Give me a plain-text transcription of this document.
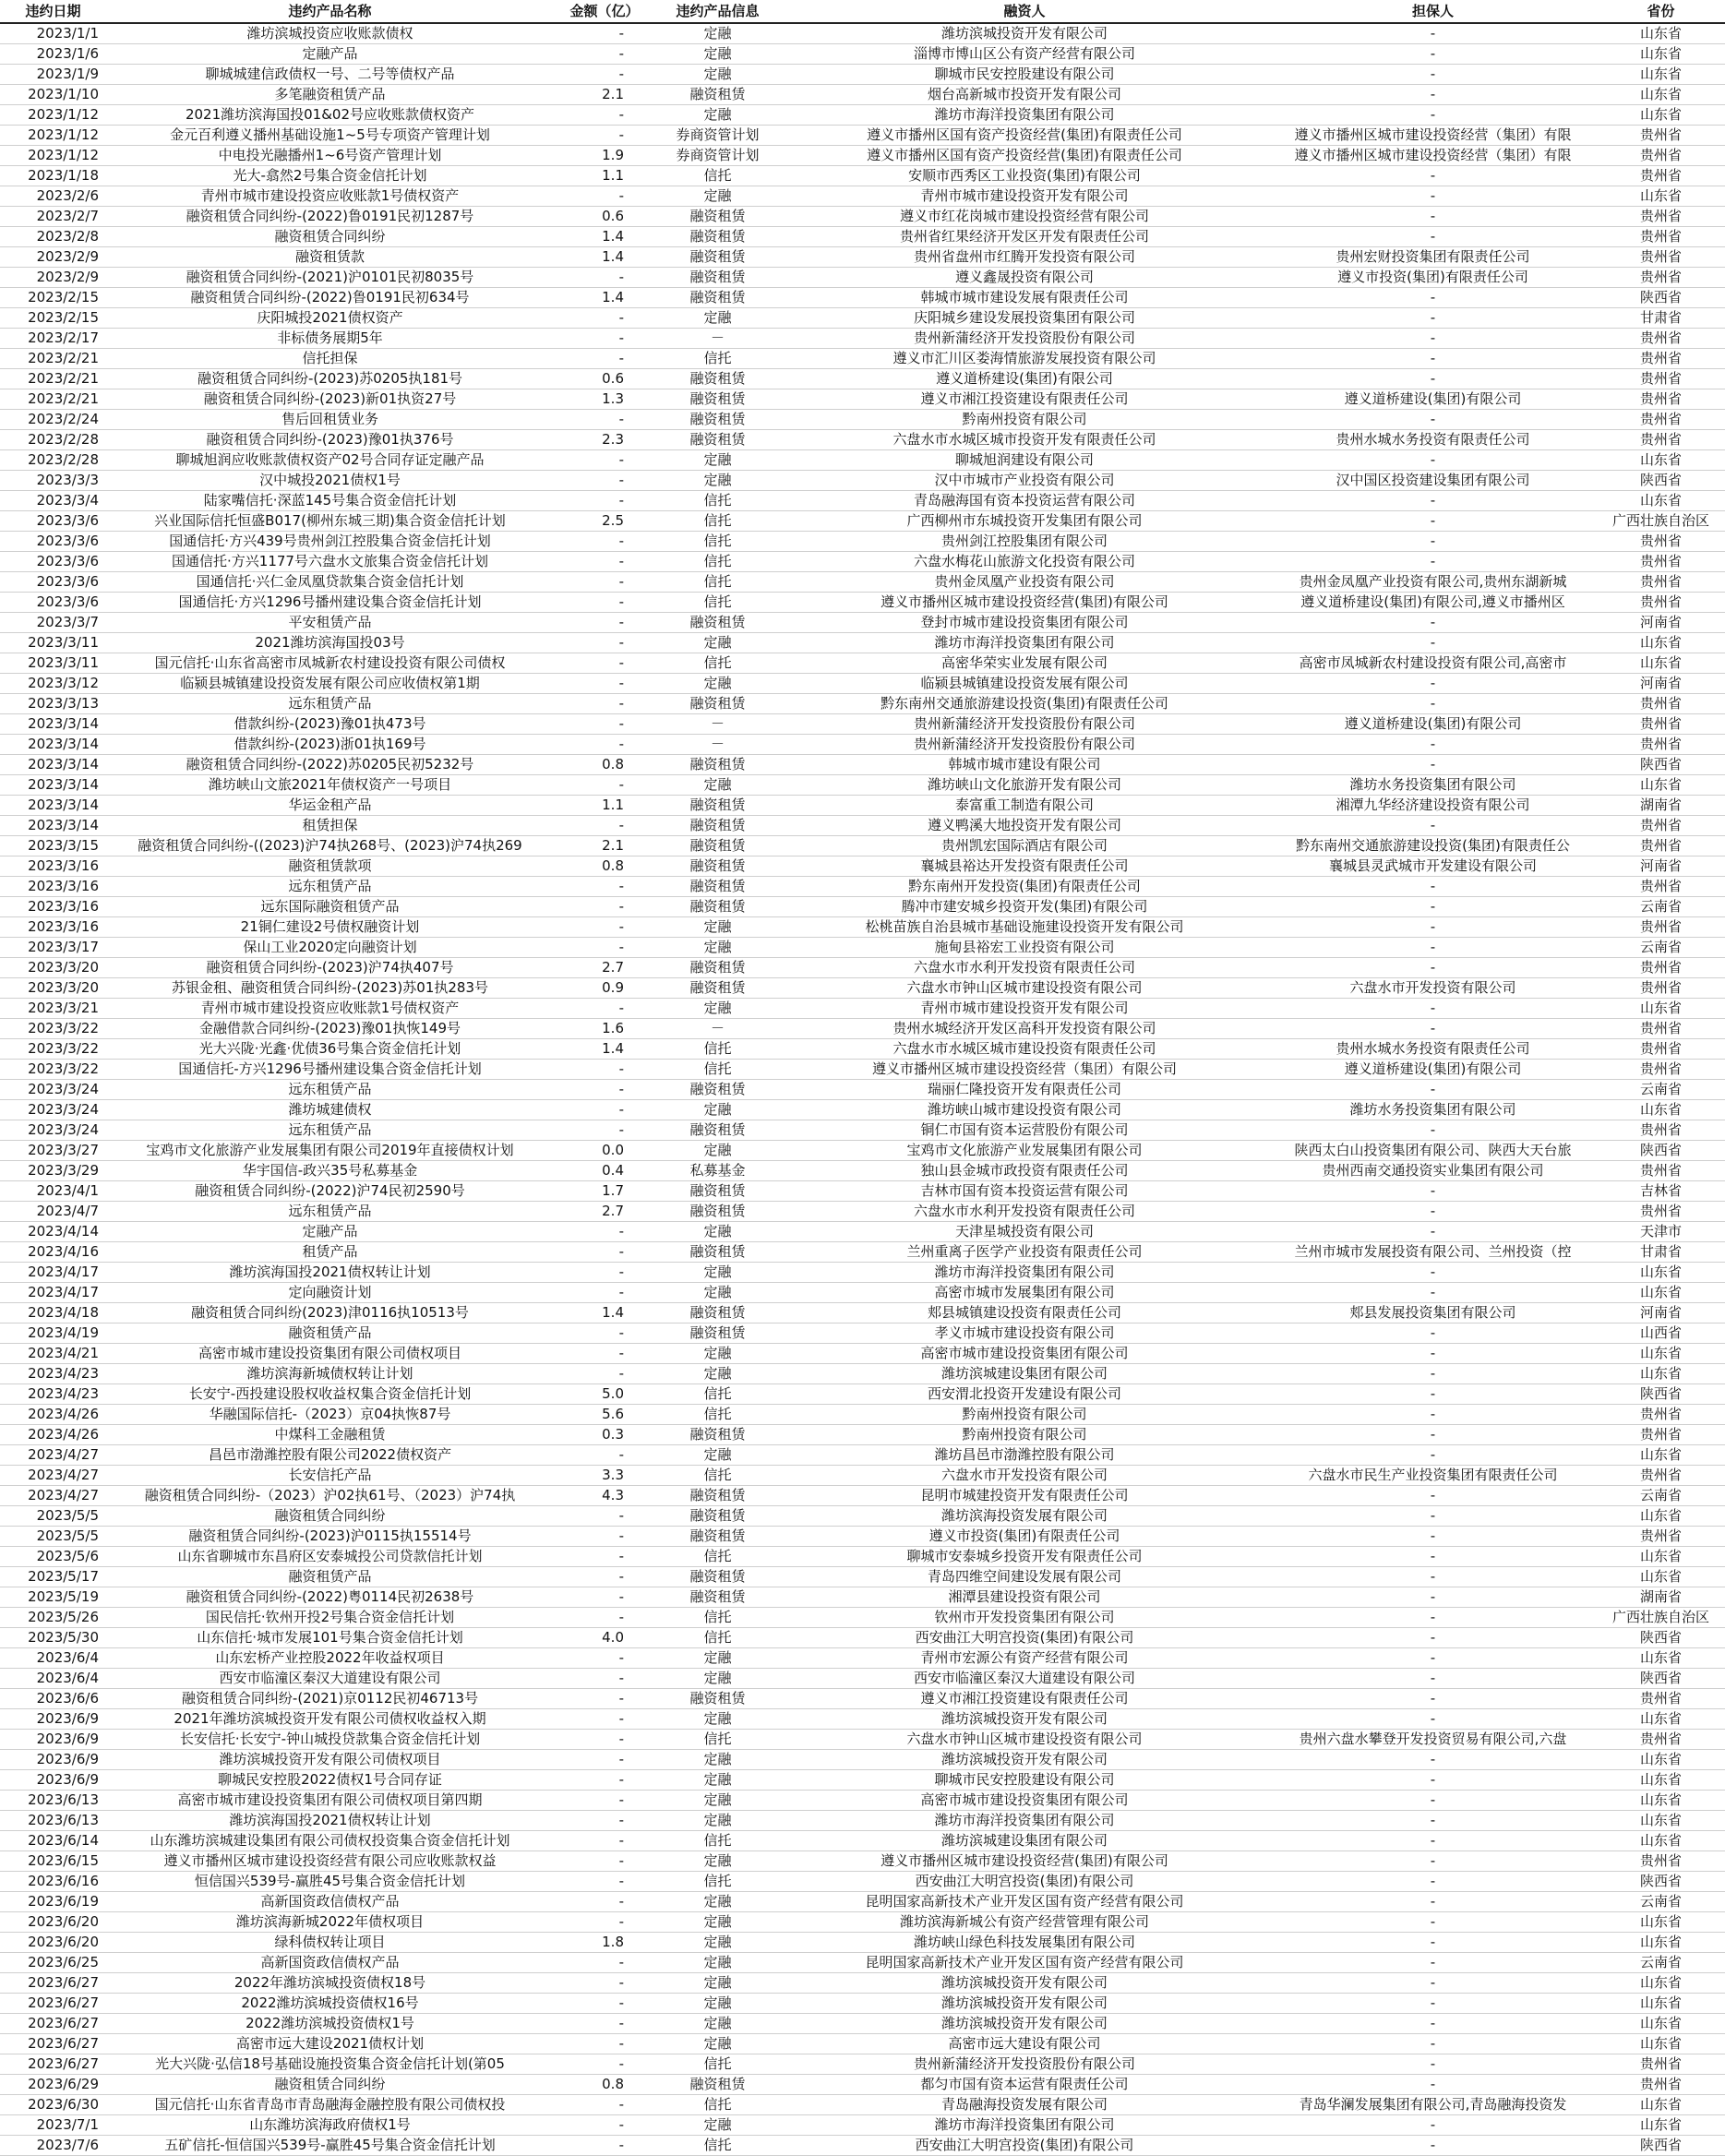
违约日期	违约产品名称	金额（亿）	违约产品信息	融资人	担保人	省份
2023/1/1	潍坊滨城投资应收账款债权	-	定融	潍坊滨城投资开发有限公司	-	山东省
2023/1/6	定融产品	-	定融	淄博市博山区公有资产经营有限公司	-	山东省
2023/1/9	聊城城建信政债权一号、二号等债权产品	-	定融	聊城市民安控股建设有限公司	-	山东省
2023/1/10	多笔融资租赁产品	2.1	融资租赁	烟台高新城市投资开发有限公司	-	山东省
2023/1/12	2021潍坊滨海国投01&02号应收账款债权资产	-	定融	潍坊市海洋投资集团有限公司	-	山东省
2023/1/12	金元百利遵义播州基础设施1~5号专项资产管理计划	-	券商资管计划	遵义市播州区国有资产投资经营(集团)有限责任公司	遵义市播州区城市建设投资经营（集团）有限	贵州省
2023/1/12	中电投光融播州1~6号资产管理计划	1.9	券商资管计划	遵义市播州区国有资产投资经营(集团)有限责任公司	遵义市播州区城市建设投资经营（集团）有限	贵州省
2023/1/18	光大-翕然2号集合资金信托计划	1.1	信托	安顺市西秀区工业投资(集团)有限公司	-	贵州省
2023/2/6	青州市城市建设投资应收账款1号债权资产	-	定融	青州市城市建设投资开发有限公司	-	山东省
2023/2/7	融资租赁合同纠纷-(2022)鲁0191民初1287号	0.6	融资租赁	遵义市红花岗城市建设投资经营有限公司	-	贵州省
2023/2/8	融资租赁合同纠纷	1.4	融资租赁	贵州省红果经济开发区开发有限责任公司	-	贵州省
2023/2/9	融资租赁款	1.4	融资租赁	贵州省盘州市红腾开发投资有限公司	贵州宏财投资集团有限责任公司	贵州省
2023/2/9	融资租赁合同纠纷-(2021)沪0101民初8035号	-	融资租赁	遵义鑫晟投资有限公司	遵义市投资(集团)有限责任公司	贵州省
2023/2/15	融资租赁合同纠纷-(2022)鲁0191民初634号	1.4	融资租赁	韩城市城市建设发展有限责任公司	-	陕西省
2023/2/15	庆阳城投2021债权资产	-	定融	庆阳城乡建设发展投资集团有限公司	-	甘肃省
2023/2/17	非标债务展期5年	-	－	贵州新蒲经济开发投资股份有限公司	-	贵州省
2023/2/21	信托担保	-	信托	遵义市汇川区娄海情旅游发展投资有限公司	-	贵州省
2023/2/21	融资租赁合同纠纷-(2023)苏0205执181号	0.6	融资租赁	遵义道桥建设(集团)有限公司	-	贵州省
2023/2/21	融资租赁合同纠纷-(2023)新01执资27号	1.3	融资租赁	遵义市湘江投资建设有限责任公司	遵义道桥建设(集团)有限公司	贵州省
2023/2/24	售后回租赁业务	-	融资租赁	黔南州投资有限公司	-	贵州省
2023/2/28	融资租赁合同纠纷-(2023)豫01执376号	2.3	融资租赁	六盘水市水城区城市投资开发有限责任公司	贵州水城水务投资有限责任公司	贵州省
2023/2/28	聊城旭润应收账款债权资产02号合同存证定融产品	-	定融	聊城旭润建设有限公司	-	山东省
2023/3/3	汉中城投2021债权1号	-	定融	汉中市城市产业投资有限公司	汉中国区投资建设集团有限公司	陕西省
2023/3/4	陆家嘴信托·深蓝145号集合资金信托计划	-	信托	青岛融海国有资本投资运营有限公司	-	山东省
2023/3/6	兴业国际信托恒盛B017(柳州东城三期)集合资金信托计划	2.5	信托	广西柳州市东城投资开发集团有限公司	-	广西壮族自治区
2023/3/6	国通信托·方兴439号贵州剑江控股集合资金信托计划	-	信托	贵州剑江控股集团有限公司	-	贵州省
2023/3/6	国通信托·方兴1177号六盘水文旅集合资金信托计划	-	信托	六盘水梅花山旅游文化投资有限公司	-	贵州省
2023/3/6	国通信托·兴仁金凤凰贷款集合资金信托计划	-	信托	贵州金凤凰产业投资有限公司	贵州金凤凰产业投资有限公司,贵州东湖新城	贵州省
2023/3/6	国通信托·方兴1296号播州建设集合资金信托计划	-	信托	遵义市播州区城市建设投资经营(集团)有限公司	遵义道桥建设(集团)有限公司,遵义市播州区	贵州省
2023/3/7	平安租赁产品	-	融资租赁	登封市城市建设投资集团有限公司	-	河南省
2023/3/11	2021潍坊滨海国投03号	-	定融	潍坊市海洋投资集团有限公司	-	山东省
2023/3/11	国元信托·山东省高密市凤城新农村建设投资有限公司债权	-	信托	高密华荣实业发展有限公司	高密市凤城新农村建设投资有限公司,高密市	山东省
2023/3/12	临颍县城镇建设投资发展有限公司应收债权第1期	-	定融	临颍县城镇建设投资发展有限公司	-	河南省
2023/3/13	远东租赁产品	-	融资租赁	黔东南州交通旅游建设投资(集团)有限责任公司	-	贵州省
2023/3/14	借款纠纷-(2023)豫01执473号	-	－	贵州新蒲经济开发投资股份有限公司	遵义道桥建设(集团)有限公司	贵州省
2023/3/14	借款纠纷-(2023)浙01执169号	-	－	贵州新蒲经济开发投资股份有限公司	-	贵州省
2023/3/14	融资租赁合同纠纷-(2022)苏0205民初5232号	0.8	融资租赁	韩城市城市建设有限公司	-	陕西省
2023/3/14	潍坊峡山文旅2021年债权资产一号项目	-	定融	潍坊峡山文化旅游开发有限公司	潍坊水务投资集团有限公司	山东省
2023/3/14	华运金租产品	1.1	融资租赁	泰富重工制造有限公司	湘潭九华经济建设投资有限公司	湖南省
2023/3/14	租赁担保	-	融资租赁	遵义鸭溪大地投资开发有限公司	-	贵州省
2023/3/15	融资租赁合同纠纷-((2023)沪74执268号、(2023)沪74执269	2.1	融资租赁	贵州凯宏国际酒店有限公司	黔东南州交通旅游建设投资(集团)有限责任公	贵州省
2023/3/16	融资租赁款项	0.8	融资租赁	襄城县裕达开发投资有限责任公司	襄城县灵武城市开发建设有限公司	河南省
2023/3/16	远东租赁产品	-	融资租赁	黔东南州开发投资(集团)有限责任公司	-	贵州省
2023/3/16	远东国际融资租赁产品	-	融资租赁	腾冲市建安城乡投资开发(集团)有限公司	-	云南省
2023/3/16	21铜仁建设2号债权融资计划	-	定融	松桃苗族自治县城市基础设施建设投资开发有限公司	-	贵州省
2023/3/17	保山工业2020定向融资计划	-	定融	施甸县裕宏工业投资有限公司	-	云南省
2023/3/20	融资租赁合同纠纷-(2023)沪74执407号	2.7	融资租赁	六盘水市水利开发投资有限责任公司	-	贵州省
2023/3/20	苏银金租、融资租赁合同纠纷-(2023)苏01执283号	0.9	融资租赁	六盘水市钟山区城市建设投资有限公司	六盘水市开发投资有限公司	贵州省
2023/3/21	青州市城市建设投资应收账款1号债权资产	-	定融	青州市城市建设投资开发有限公司	-	山东省
2023/3/22	金融借款合同纠纷-(2023)豫01执恢149号	1.6	－	贵州水城经济开发区高科开发投资有限公司	-	贵州省
2023/3/22	光大兴陇·光鑫·优债36号集合资金信托计划	1.4	信托	六盘水市水城区城市建设投资有限责任公司	贵州水城水务投资有限责任公司	贵州省
2023/3/22	国通信托-方兴1296号播州建设集合资金信托计划	-	信托	遵义市播州区城市建设投资经营（集团）有限公司	遵义道桥建设(集团)有限公司	贵州省
2023/3/24	远东租赁产品	-	融资租赁	瑞丽仁隆投资开发有限责任公司	-	云南省
2023/3/24	潍坊城建债权	-	定融	潍坊峡山城市建设投资有限公司	潍坊水务投资集团有限公司	山东省
2023/3/24	远东租赁产品	-	融资租赁	铜仁市国有资本运营股份有限公司	-	贵州省
2023/3/27	宝鸡市文化旅游产业发展集团有限公司2019年直接债权计划	0.0	定融	宝鸡市文化旅游产业发展集团有限公司	陕西太白山投资集团有限公司、陕西大天台旅	陕西省
2023/3/29	华宇国信-政兴35号私募基金	0.4	私募基金	独山县金城市政投资有限责任公司	贵州西南交通投资实业集团有限公司	贵州省
2023/4/1	融资租赁合同纠纷-(2022)沪74民初2590号	1.7	融资租赁	吉林市国有资本投资运营有限公司	-	吉林省
2023/4/7	远东租赁产品	2.7	融资租赁	六盘水市水利开发投资有限责任公司	-	贵州省
2023/4/14	定融产品	-	定融	天津星城投资有限公司	-	天津市
2023/4/16	租赁产品	-	融资租赁	兰州重离子医学产业投资有限责任公司	兰州市城市发展投资有限公司、兰州投资（控	甘肃省
2023/4/17	潍坊滨海国投2021债权转让计划	-	定融	潍坊市海洋投资集团有限公司	-	山东省
2023/4/17	定向融资计划	-	定融	高密市城市发展集团有限公司	-	山东省
2023/4/18	融资租赁合同纠纷(2023)津0116执10513号	1.4	融资租赁	郏县城镇建设投资有限责任公司	郏县发展投资集团有限公司	河南省
2023/4/19	融资租赁产品	-	融资租赁	孝义市城市建设投资有限公司	-	山西省
2023/4/21	高密市城市建设投资集团有限公司债权项目	-	定融	高密市城市建设投资集团有限公司	-	山东省
2023/4/23	潍坊滨海新城债权转让计划	-	定融	潍坊滨城建设集团有限公司	-	山东省
2023/4/23	长安宁-西投建设股权收益权集合资金信托计划	5.0	信托	西安渭北投资开发建设有限公司	-	陕西省
2023/4/26	华融国际信托-（2023）京04执恢87号	5.6	信托	黔南州投资有限公司	-	贵州省
2023/4/26	中煤科工金融租赁	0.3	融资租赁	黔南州投资有限公司	-	贵州省
2023/4/27	昌邑市渤潍控股有限公司2022债权资产	-	定融	潍坊昌邑市渤潍控股有限公司	-	山东省
2023/4/27	长安信托产品	3.3	信托	六盘水市开发投资有限公司	六盘水市民生产业投资集团有限责任公司	贵州省
2023/4/27	融资租赁合同纠纷-（2023）沪02执61号、（2023）沪74执	4.3	融资租赁	昆明市城建投资开发有限责任公司	-	云南省
2023/5/5	融资租赁合同纠纷	-	融资租赁	潍坊滨海投资发展有限公司	-	山东省
2023/5/5	融资租赁合同纠纷-(2023)沪0115执15514号	-	融资租赁	遵义市投资(集团)有限责任公司	-	贵州省
2023/5/6	山东省聊城市东昌府区安泰城投公司贷款信托计划	-	信托	聊城市安泰城乡投资开发有限责任公司	-	山东省
2023/5/17	融资租赁产品	-	融资租赁	青岛四维空间建设发展有限公司	-	山东省
2023/5/19	融资租赁合同纠纷-(2022)粤0114民初2638号	-	融资租赁	湘潭县建设投资有限公司	-	湖南省
2023/5/26	国民信托·钦州开投2号集合资金信托计划	-	信托	钦州市开发投资集团有限公司	-	广西壮族自治区
2023/5/30	山东信托·城市发展101号集合资金信托计划	4.0	信托	西安曲江大明宫投资(集团)有限公司	-	陕西省
2023/6/4	山东宏桥产业控股2022年收益权项目	-	定融	青州市宏源公有资产经营有限公司	-	山东省
2023/6/4	西安市临潼区秦汉大道建设有限公司	-	定融	西安市临潼区秦汉大道建设有限公司	-	陕西省
2023/6/6	融资租赁合同纠纷-(2021)京0112民初46713号	-	融资租赁	遵义市湘江投资建设有限责任公司	-	贵州省
2023/6/9	2021年潍坊滨城投资开发有限公司债权收益权入期	-	定融	潍坊滨城投资开发有限公司	-	山东省
2023/6/9	长安信托·长安宁-钟山城投贷款集合资金信托计划	-	信托	六盘水市钟山区城市建设投资有限公司	贵州六盘水攀登开发投资贸易有限公司,六盘	贵州省
2023/6/9	潍坊滨城投资开发有限公司债权项目	-	定融	潍坊滨城投资开发有限公司	-	山东省
2023/6/9	聊城民安控股2022债权1号合同存证	-	定融	聊城市民安控股建设有限公司	-	山东省
2023/6/13	高密市城市建设投资集团有限公司债权项目第四期	-	定融	高密市城市建设投资集团有限公司	-	山东省
2023/6/13	潍坊滨海国投2021债权转让计划	-	定融	潍坊市海洋投资集团有限公司	-	山东省
2023/6/14	山东潍坊滨城建设集团有限公司债权投资集合资金信托计划	-	信托	潍坊滨城建设集团有限公司	-	山东省
2023/6/15	遵义市播州区城市建设投资经营有限公司应收账款权益	-	定融	遵义市播州区城市建设投资经营(集团)有限公司	-	贵州省
2023/6/16	恒信国兴539号-赢胜45号集合资金信托计划	-	信托	西安曲江大明宫投资(集团)有限公司	-	陕西省
2023/6/19	高新国资政信债权产品	-	定融	昆明国家高新技术产业开发区国有资产经营有限公司	-	云南省
2023/6/20	潍坊滨海新城2022年债权项目	-	定融	潍坊滨海新城公有资产经营管理有限公司	-	山东省
2023/6/20	绿科债权转让项目	1.8	定融	潍坊峡山绿色科技发展集团有限公司	-	山东省
2023/6/25	高新国资政信债权产品	-	定融	昆明国家高新技术产业开发区国有资产经营有限公司	-	云南省
2023/6/27	2022年潍坊滨城投资债权18号	-	定融	潍坊滨城投资开发有限公司	-	山东省
2023/6/27	2022潍坊滨城投资债权16号	-	定融	潍坊滨城投资开发有限公司	-	山东省
2023/6/27	2022潍坊滨城投资债权1号	-	定融	潍坊滨城投资开发有限公司	-	山东省
2023/6/27	高密市远大建设2021债权计划	-	定融	高密市远大建设有限公司	-	山东省
2023/6/27	光大兴陇·弘信18号基础设施投资集合资金信托计划(第05	-	信托	贵州新蒲经济开发投资股份有限公司	-	贵州省
2023/6/29	融资租赁合同纠纷	0.8	融资租赁	都匀市国有资本运营有限责任公司	-	贵州省
2023/6/30	国元信托·山东省青岛市青岛融海金融控股有限公司债权投	-	信托	青岛融海投资发展有限公司	青岛华澜发展集团有限公司,青岛融海投资发	山东省
2023/7/1	山东潍坊滨海政府债权1号	-	定融	潍坊市海洋投资集团有限公司	-	山东省
2023/7/6	五矿信托-恒信国兴539号-赢胜45号集合资金信托计划	-	信托	西安曲江大明宫投资(集团)有限公司	-	陕西省
